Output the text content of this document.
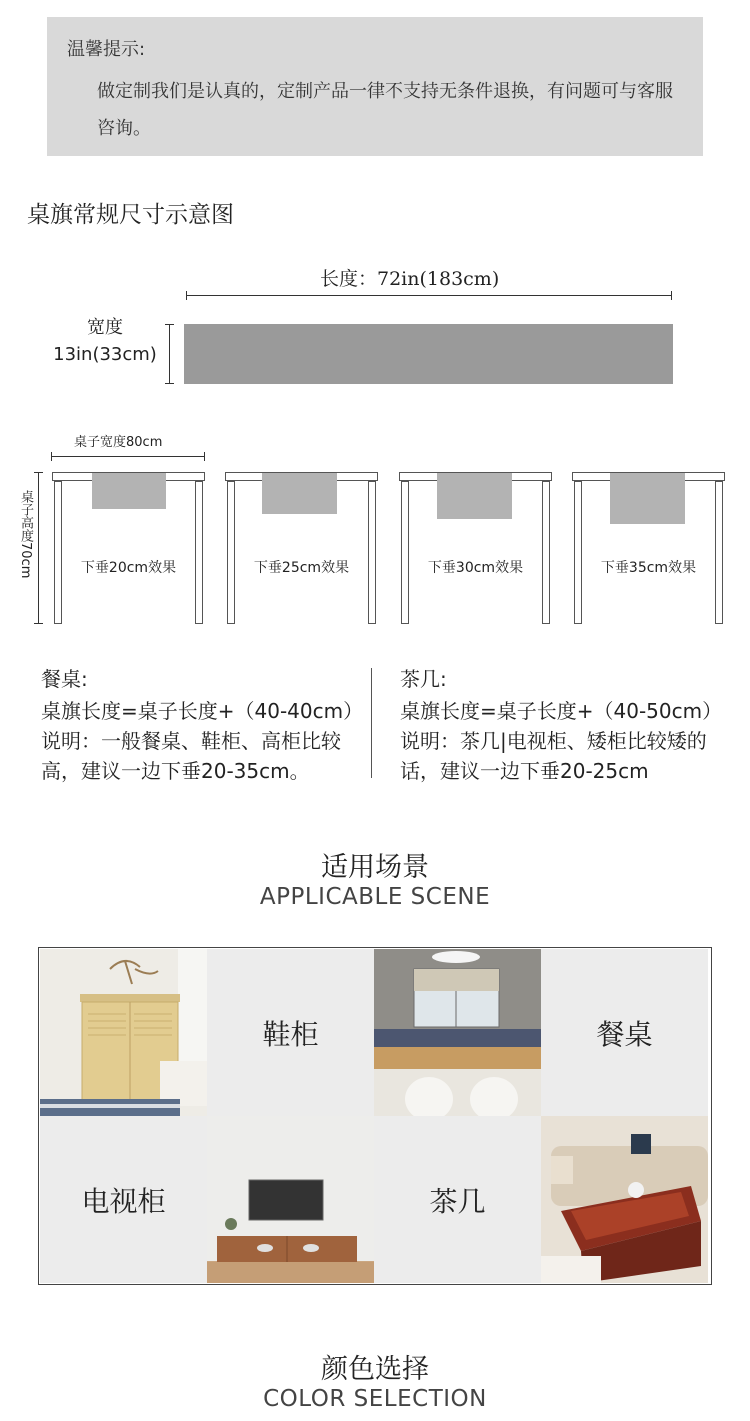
温馨提示:
做定制我们是认真的，定制产品一律不支持无条件退换，有问题可与客服咨询。
桌旗常规尺寸示意图
长度：72in(183cm)
宽度
13in(33cm)
桌子宽度80cm
桌子高度70cm	下垂20cm效果	下垂25cm效果	下垂30cm效果	下垂35cm效果
餐桌:
桌旗长度=桌子长度+（40-40cm）
说明：一般餐桌、鞋柜、高柜比较高，建议一边下垂20-35cm。
茶几:
桌旗长度=桌子长度+（40-50cm）
说明：茶几|电视柜、矮柜比较矮的话，建议一边下垂20-25cm
适用场景
APPLICABLE SCENE
鞋柜	餐桌
电视柜	茶几
颜色选择
COLOR SELECTION
